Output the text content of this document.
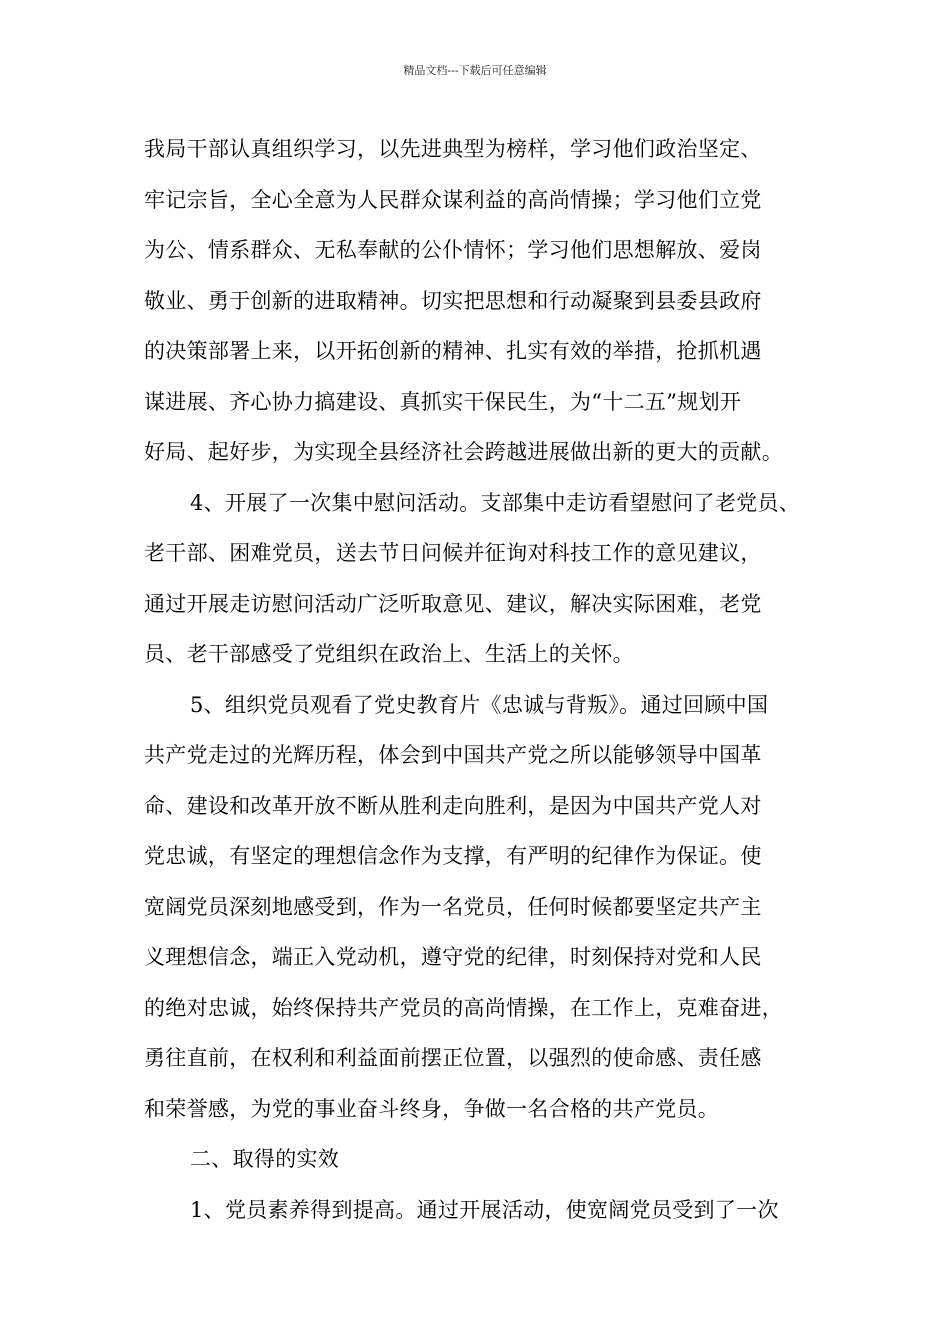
精品文档---下载后可任意编辑
我局干部认真组织学习，以先进典型为榜样，学习他们政治坚定、
牢记宗旨，全心全意为人民群众谋利益的高尚情操；学习他们立党
为公、情系群众、无私奉献的公仆情怀；学习他们思想解放、爱岗
敬业、勇于创新的进取精神。切实把思想和行动凝聚到县委县政府
的决策部署上来，以开拓创新的精神、扎实有效的举措，抢抓机遇
谋进展、齐心协力搞建设、真抓实干保民生，为“十二五”规划开
好局、起好步，为实现全县经济社会跨越进展做出新的更大的贡献。
4、开展了一次集中慰问活动。支部集中走访看望慰问了老党员、
老干部、困难党员，送去节日问候并征询对科技工作的意见建议，
通过开展走访慰问活动广泛听取意见、建议，解决实际困难，老党
员、老干部感受了党组织在政治上、生活上的关怀。
5、组织党员观看了党史教育片《忠诚与背叛》。通过回顾中国
共产党走过的光辉历程，体会到中国共产党之所以能够领导中国革
命、建设和改革开放不断从胜利走向胜利，是因为中国共产党人对
党忠诚，有坚定的理想信念作为支撑，有严明的纪律作为保证。使
宽阔党员深刻地感受到，作为一名党员，任何时候都要坚定共产主
义理想信念，端正入党动机，遵守党的纪律，时刻保持对党和人民
的绝对忠诚，始终保持共产党员的高尚情操，在工作上，克难奋进，
勇往直前，在权利和利益面前摆正位置，以强烈的使命感、责任感
和荣誉感，为党的事业奋斗终身，争做一名合格的共产党员。
二、取得的实效
1、党员素养得到提高。通过开展活动，使宽阔党员受到了一次
